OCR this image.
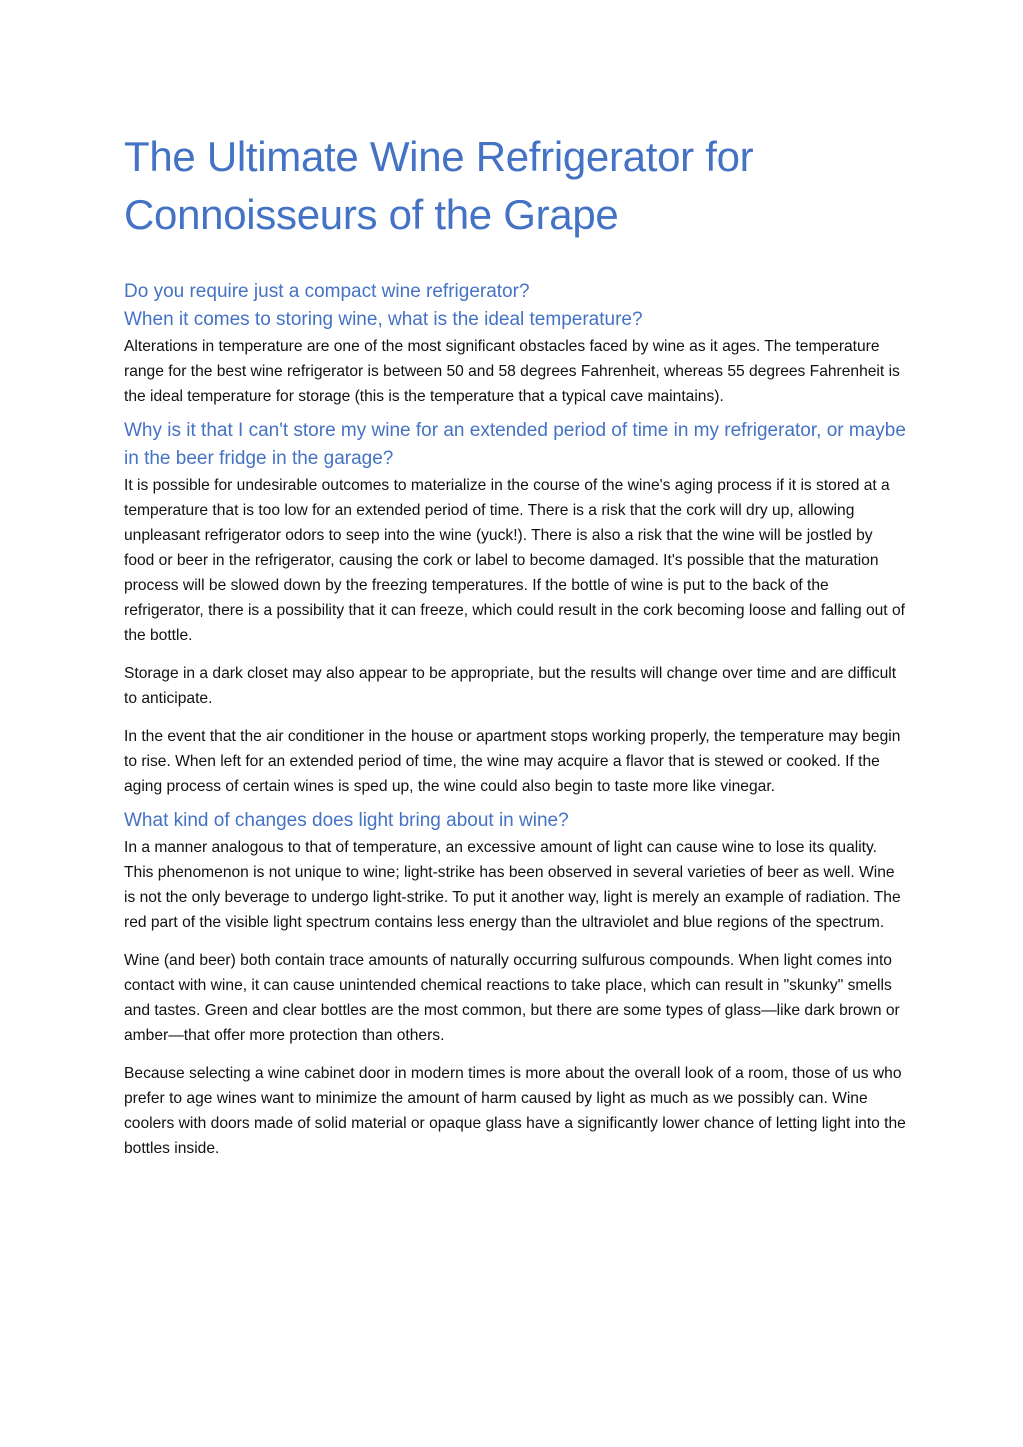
The Ultimate Wine Refrigerator for Connoisseurs of the Grape
Do you require just a compact wine refrigerator?
When it comes to storing wine, what is the ideal temperature?

Alterations in temperature are one of the most significant obstacles faced by wine as it ages. The temperature range for the best wine refrigerator is between 50 and 58 degrees Fahrenheit, whereas 55 degrees Fahrenheit is the ideal temperature for storage (this is the temperature that a typical cave maintains).

Why is it that I can't store my wine for an extended period of time in my refrigerator, or maybe in the beer fridge in the garage?

It is possible for undesirable outcomes to materialize in the course of the wine's aging process if it is stored at a temperature that is too low for an extended period of time. There is a risk that the cork will dry up, allowing unpleasant refrigerator odors to seep into the wine (yuck!). There is also a risk that the wine will be jostled by food or beer in the refrigerator, causing the cork or label to become damaged. It's possible that the maturation process will be slowed down by the freezing temperatures. If the bottle of wine is put to the back of the refrigerator, there is a possibility that it can freeze, which could result in the cork becoming loose and falling out of the bottle.

Storage in a dark closet may also appear to be appropriate, but the results will change over time and are difficult to anticipate.

In the event that the air conditioner in the house or apartment stops working properly, the temperature may begin to rise. When left for an extended period of time, the wine may acquire a flavor that is stewed or cooked. If the aging process of certain wines is sped up, the wine could also begin to taste more like vinegar.

What kind of changes does light bring about in wine?

In a manner analogous to that of temperature, an excessive amount of light can cause wine to lose its quality. This phenomenon is not unique to wine; light-strike has been observed in several varieties of beer as well. Wine is not the only beverage to undergo light-strike. To put it another way, light is merely an example of radiation. The red part of the visible light spectrum contains less energy than the ultraviolet and blue regions of the spectrum.

Wine (and beer) both contain trace amounts of naturally occurring sulfurous compounds. When light comes into contact with wine, it can cause unintended chemical reactions to take place, which can result in "skunky" smells and tastes. Green and clear bottles are the most common, but there are some types of glass—like dark brown or amber—that offer more protection than others.

Because selecting a wine cabinet door in modern times is more about the overall look of a room, those of us who prefer to age wines want to minimize the amount of harm caused by light as much as we possibly can. Wine coolers with doors made of solid material or opaque glass have a significantly lower chance of letting light into the bottles inside.
